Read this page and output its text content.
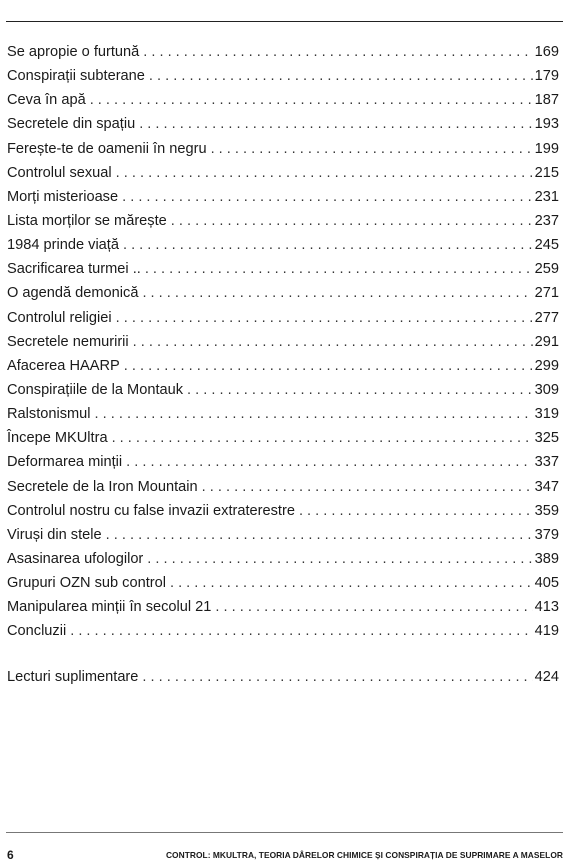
Se apropie o furtună . . .	169
Conspirații subterane . . .	179
Ceva în apă . . .	187
Secretele din spațiu . . .	193
Ferește-te de oamenii în negru . . .	199
Controlul sexual . . .	215
Morți misterioase . . .	231
Lista morților se mărește . . .	237
1984 prinde viață . . .	245
Sacrificarea turmei .. . . .	259
O agendă demonică . . .	271
Controlul religiei . . .	277
Secretele nemuririi . . .	291
Afacerea HAARP . . .	299
Conspirațiile de la Montauk . . .	309
Ralstonismul . . .	319
Începe MKUltra . . .	325
Deformarea minții . . .	337
Secretele de la Iron Mountain . . .	347
Controlul nostru cu false invazii extraterestre . . .	359
Viruși din stele . . .	379
Asasinarea ufologilor . . .	389
Grupuri OZN sub control . . .	405
Manipularea minții în secolul 21 . . .	413
Concluzii . . .	419
Lecturi suplimentare . . .	424
6	CONTROL: MKULTRA, TEORIA DÂRELOR CHIMICE ȘI CONSPIRAȚIA DE SUPRIMARE A MASELOR
